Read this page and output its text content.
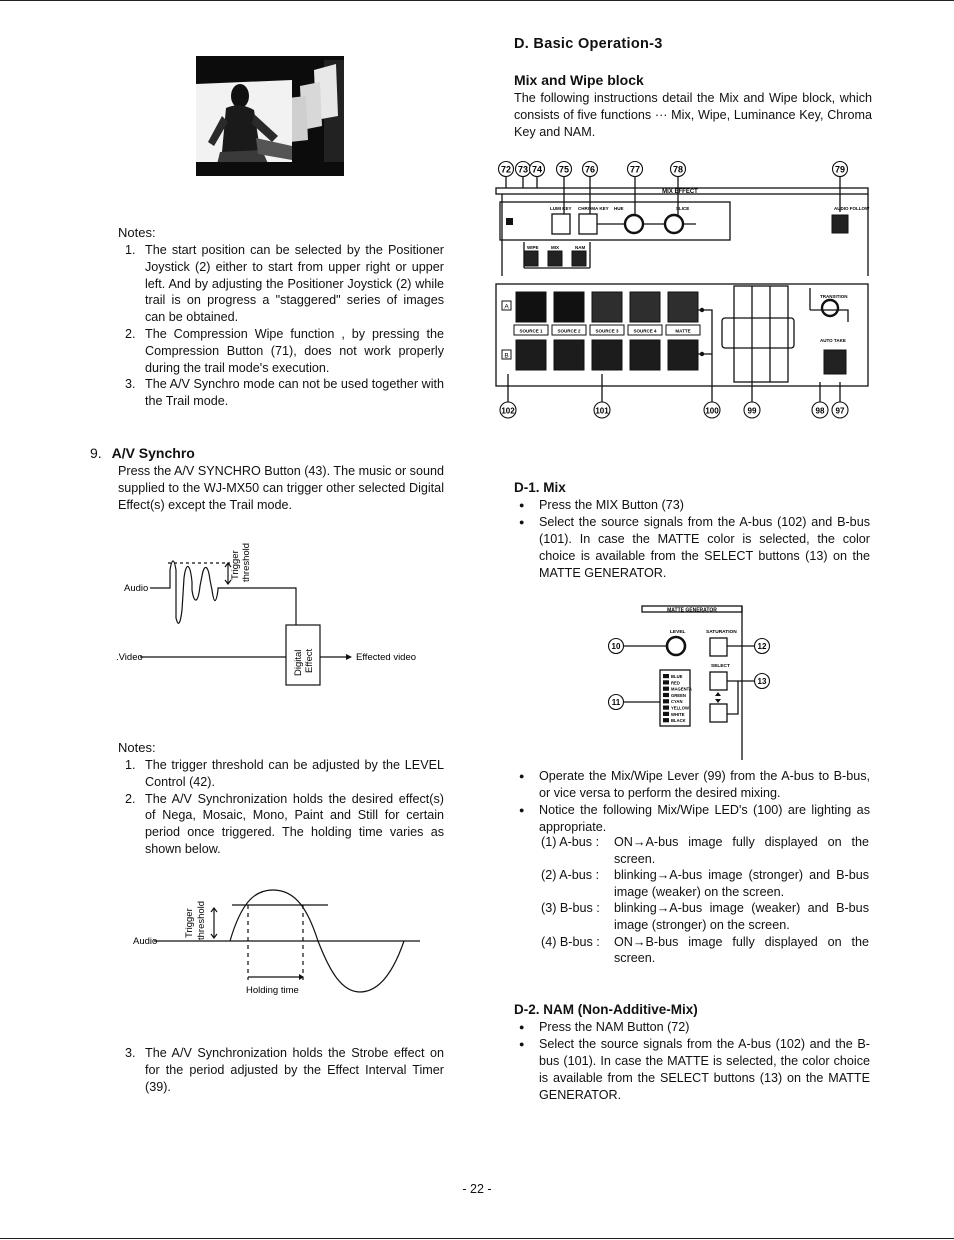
Notes:
1. The start position can be selected by the Positioner Joystick (2) either to start from upper right or upper left. And by adjusting the Positioner Joystick (2) while trail is on progress a "staggered" series of images can be obtained.
2. The Compression Wipe function , by pressing the Compression Button (71), does not work properly during the trail mode's execution.
3. The A/V Synchro mode can not be used together with the Trail mode.
9. A/V Synchro

Press the A/V SYNCHRO Button (43). The music or sound supplied to the WJ-MX50 can trigger other selected Digital Effect(s) except the Trail mode.

Audio
.Video
Trigger threshold
Digital Effect	Effected video
Notes:
1. The trigger threshold can be adjusted by the LEVEL Control (42).
2. The A/V Synchronization holds the desired effect(s) of Nega, Mosaic, Mono, Paint and Still for certain period once triggered. The holding time varies as shown below.
Trigger threshold
Audio
Holding time
3. The A/V Synchronization holds the Strobe effect on for the period adjusted by the Effect Interval Timer (39).
D. Basic Operation-3
Mix and Wipe block

The following instructions detail the Mix and Wipe block, which consists of five functions ··· Mix, Wipe, Luminance Key, Chroma Key and NAM.

72 73 74 75 76	77	78	79
102	101	100	99	98 97
MIX EFFECT
LUMI KEY CHROMA KEY HUE	SLICE	AUDIO FOLLOW
WIPE	MIX	NAM
A
B
SOURCE 1	SOURCE 2	SOURCE 3	SOURCE 4	MATTE
TRANSITION
AUTO TAKE
D-1. Mix
● Press the MIX Button (73)
● Select the source signals from the A-bus (102) and B-bus (101). In case the MATTE color is selected, the color choice is available from the SELECT buttons (13) on the MATTE GENERATOR.
MATTE GENERATOR
LEVEL	SATURATION
SELECT
10
11
12
13
BLUE
RED
MAGENTA
GREEN
CYAN
YELLOW
WHITE
BLACK
● Operate the Mix/Wipe Lever (99) from the A-bus to B-bus, or vice versa to perform the desired mixing.
● Notice the following Mix/Wipe LED's (100) are lighting as appropriate.
(1) A-bus :	ON→A-bus image fully displayed on the screen.
(2) A-bus :	blinking→A-bus image (stronger) and B-bus image (weaker) on the screen.
(3) B-bus :	blinking→A-bus image (weaker) and B-bus image (stronger) on the screen.
(4) B-bus :	ON→B-bus image fully displayed on the screen.
D-2. NAM (Non-Additive-Mix)
● Press the NAM Button (72)
● Select the source signals from the A-bus (102) and the B-bus (101). In case the MATTE is selected, the color choice is available from the SELECT buttons (13) on the MATTE GENERATOR.
- 22 -
